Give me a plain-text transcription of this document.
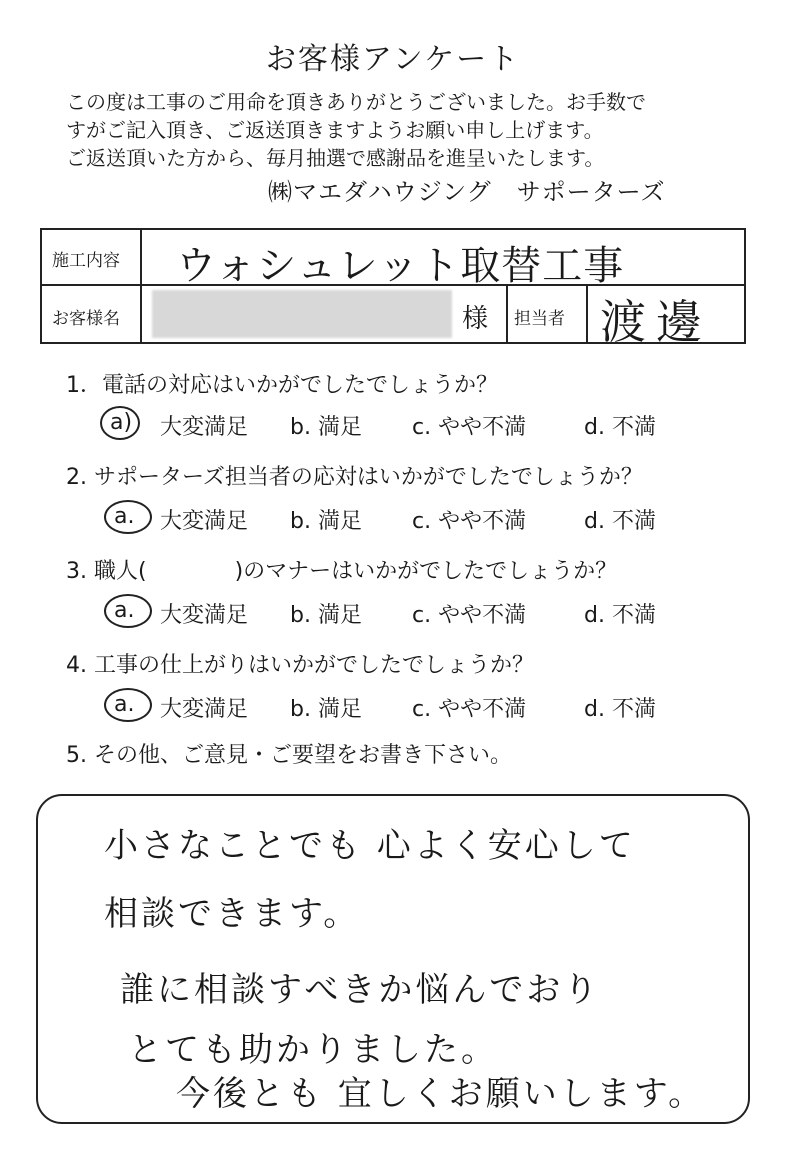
お客様アンケート
この度は工事のご用命を頂きありがとうございました。お手数で
すがご記入頂き、ご返送頂きますようお願い申し上げます。
ご返送頂いた方から、毎月抽選で感謝品を進呈いたします。
㈱マエダハウジング　サポーターズ
施工内容 ウォシュレット取替工事
お客様名	様 担当者 渡邊
1．電話の対応はいかがでしたでしょうか？
a) 大変満足 b. 満足 c. やや不満	d. 不満
2. サポーターズ担当者の応対はいかがでしたでしょうか？
a. 大変満足 b. 満足 c. やや不満	d. 不満
3. 職人(　　　　)のマナーはいかがでしたでしょうか？
a. 大変満足 b. 満足 c. やや不満	d. 不満
4. 工事の仕上がりはいかがでしたでしょうか？
a. 大変満足 b. 満足 c. やや不満	d. 不満
5. その他、ご意見・ご要望をお書き下さい。
小さなことでも 心よく安心して
相談できます。
誰に相談すべきか悩んでおり
とても助かりました。
今後とも 宜しくお願いします。
